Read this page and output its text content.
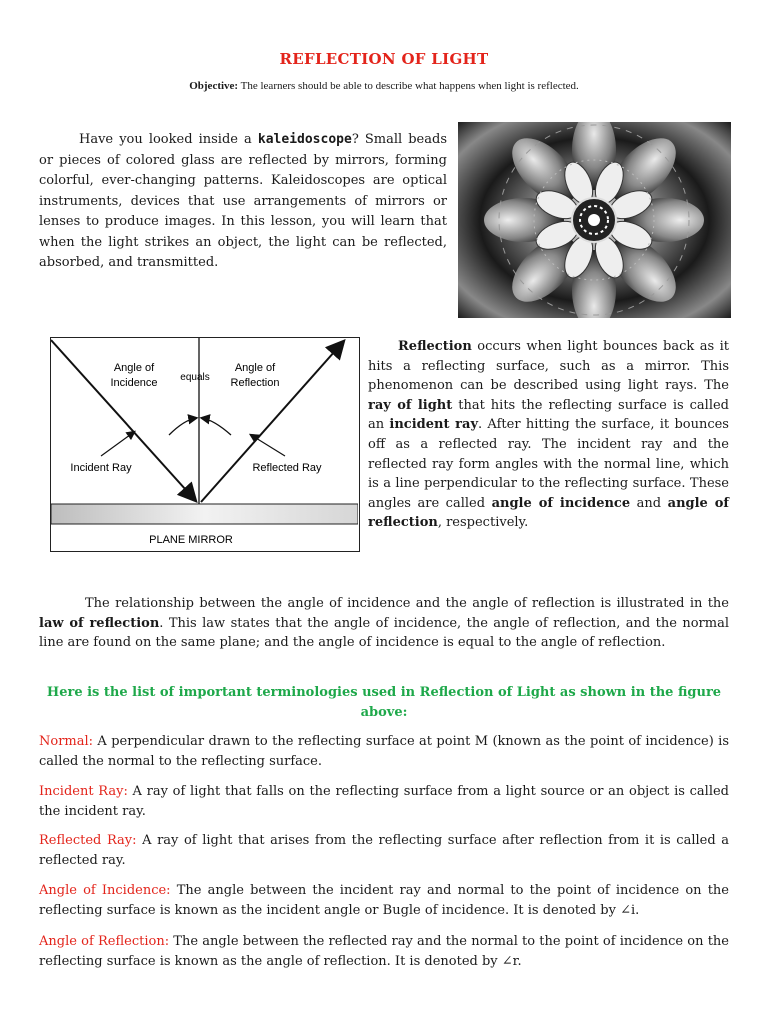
REFLECTION OF LIGHT
Objective: The learners should be able to describe what happens when light is reflected.
Have you looked inside a kaleidoscope? Small beads or pieces of colored glass are reflected by mirrors, forming colorful, ever-changing patterns. Kaleidoscopes are optical instruments, devices that use arrangements of mirrors or lenses to produce images. In this lesson, you will learn that when the light strikes an object, the light can be reflected, absorbed, and transmitted.
Angle of
Incidence equals
Angle of
Reflection
Incident Ray	Reflected Ray
PLANE MIRROR
Reflection occurs when light bounces back as it hits a reflecting surface, such as a mirror. This phenomenon can be described using light rays. The ray of light that hits the reflecting surface is called an incident ray. After hitting the surface, it bounces off as a reflected ray. The incident ray and the reflected ray form angles with the normal line, which is a line perpendicular to the reflecting surface. These angles are called angle of incidence and angle of reflection, respectively.
The relationship between the angle of incidence and the angle of reflection is illustrated in the law of reflection. This law states that the angle of incidence, the angle of reflection, and the normal line are found on the same plane; and the angle of incidence is equal to the angle of reflection.
Here is the list of important terminologies used in Reflection of Light as shown in the figure above:
Normal: A perpendicular drawn to the reflecting surface at point M (known as the point of incidence) is called the normal to the reflecting surface.
Incident Ray: A ray of light that falls on the reflecting surface from a light source or an object is called the incident ray.
Reflected Ray: A ray of light that arises from the reflecting surface after reflection from it is called a reflected ray.
Angle of Incidence: The angle between the incident ray and normal to the point of incidence on the reflecting surface is known as the incident angle or Bugle of incidence. It is denoted by ∠i.
Angle of Reflection: The angle between the reflected ray and the normal to the point of incidence on the reflecting surface is known as the angle of reflection. It is denoted by ∠r.
